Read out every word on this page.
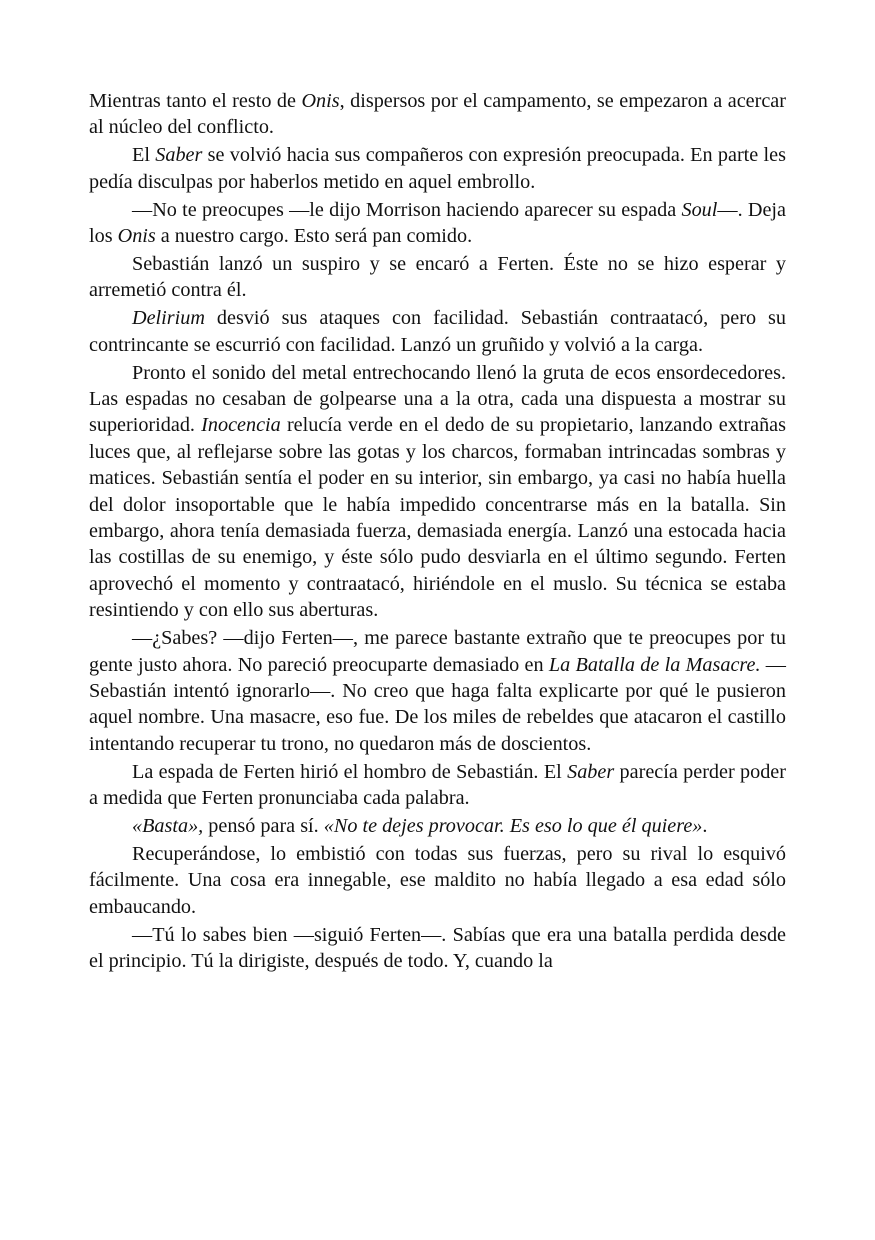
Mientras tanto el resto de Onis, dispersos por el campamento, se empezaron a acercar al núcleo del conflicto.

El Saber se volvió hacia sus compañeros con expresión preocupada. En parte les pedía disculpas por haberlos metido en aquel embrollo.

—No te preocupes —le dijo Morrison haciendo aparecer su espada Soul—. Deja los Onis a nuestro cargo. Esto será pan comido.

Sebastián lanzó un suspiro y se encaró a Ferten. Éste no se hizo esperar y arremetió contra él.

Delirium desvió sus ataques con facilidad. Sebastián contraatacó, pero su contrincante se escurrió con facilidad. Lanzó un gruñido y volvió a la carga.

Pronto el sonido del metal entrechocando llenó la gruta de ecos ensordecedores. Las espadas no cesaban de golpearse una a la otra, cada una dispuesta a mostrar su superioridad. Inocencia relucía verde en el dedo de su propietario, lanzando extrañas luces que, al reflejarse sobre las gotas y los charcos, formaban intrincadas sombras y matices. Sebastián sentía el poder en su interior, sin embargo, ya casi no había huella del dolor insoportable que le había impedido concentrarse más en la batalla. Sin embargo, ahora tenía demasiada fuerza, demasiada energía. Lanzó una estocada hacia las costillas de su enemigo, y éste sólo pudo desviarla en el último segundo. Ferten aprovechó el momento y contraatacó, hiriéndole en el muslo. Su técnica se estaba resintiendo y con ello sus aberturas.

—¿Sabes? —dijo Ferten—, me parece bastante extraño que te preocupes por tu gente justo ahora. No pareció preocuparte demasiado en La Batalla de la Masacre. —Sebastián intentó ignorarlo—. No creo que haga falta explicarte por qué le pusieron aquel nombre. Una masacre, eso fue. De los miles de rebeldes que atacaron el castillo intentando recuperar tu trono, no quedaron más de doscientos.

La espada de Ferten hirió el hombro de Sebastián. El Saber parecía perder poder a medida que Ferten pronunciaba cada palabra.

«Basta», pensó para sí. «No te dejes provocar. Es eso lo que él quiere».

Recuperándose, lo embistió con todas sus fuerzas, pero su rival lo esquivó fácilmente. Una cosa era innegable, ese maldito no había llegado a esa edad sólo embaucando.

—Tú lo sabes bien —siguió Ferten—. Sabías que era una batalla perdida desde el principio. Tú la dirigiste, después de todo. Y, cuando la
